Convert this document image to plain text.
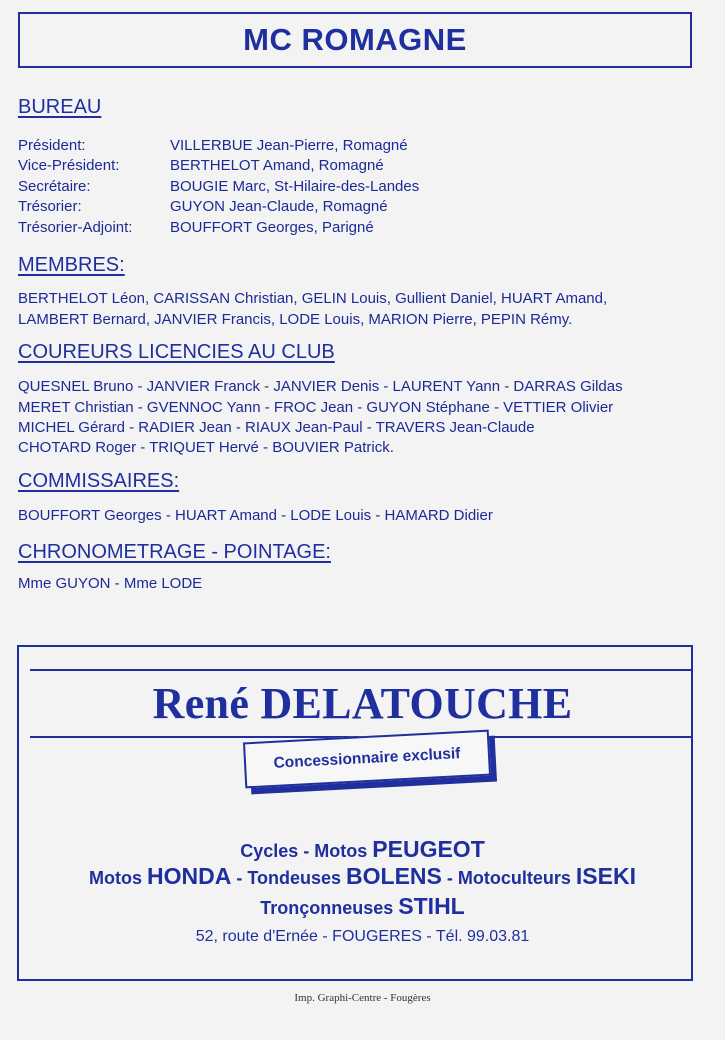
MC ROMAGNE
BUREAU
Président:	VILLERBUE Jean-Pierre, Romagné
Vice-Président:	BERTHELOT Amand, Romagné
Secrétaire:	BOUGIE Marc, St-Hilaire-des-Landes
Trésorier:	GUYON Jean-Claude, Romagné
Trésorier-Adjoint:	BOUFFORT Georges, Parigné
MEMBRES:
BERTHELOT Léon, CARISSAN Christian, GELIN Louis, Gullient Daniel, HUART Amand,
LAMBERT Bernard, JANVIER Francis, LODE Louis, MARION Pierre, PEPIN Rémy.
COUREURS LICENCIES AU CLUB
QUESNEL Bruno - JANVIER Franck - JANVIER Denis - LAURENT Yann - DARRAS Gildas
MERET Christian - GVENNOC Yann - FROC Jean - GUYON Stéphane - VETTIER Olivier
MICHEL Gérard - RADIER Jean - RIAUX Jean-Paul - TRAVERS Jean-Claude
CHOTARD Roger - TRIQUET Hervé - BOUVIER Patrick.
COMMISSAIRES:
BOUFFORT Georges - HUART Amand - LODE Louis - HAMARD Didier
CHRONOMETRAGE - POINTAGE:
Mme GUYON - Mme LODE
René DELATOUCHE
Concessionnaire exclusif
Cycles - Motos PEUGEOT
Motos HONDA - Tondeuses BOLENS - Motoculteurs ISEKI
Tronçonneuses STIHL
52, route d'Ernée - FOUGERES - Tél. 99.03.81
Imp. Graphi-Centre - Fougères
